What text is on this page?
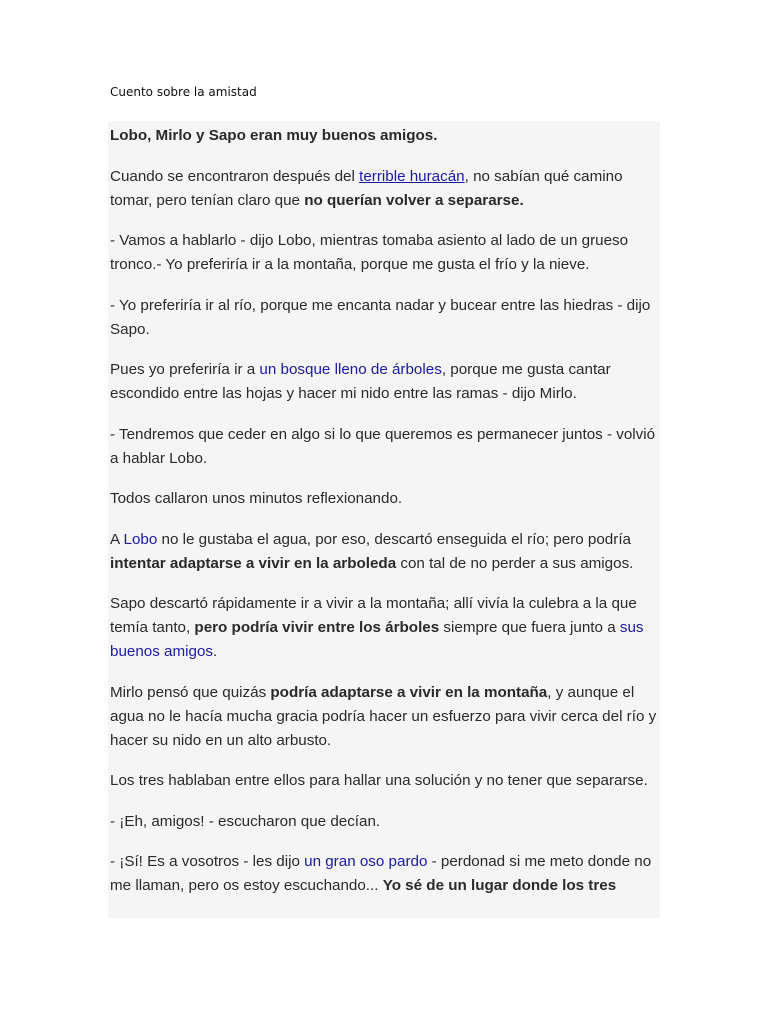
Cuento sobre la amistad

Lobo, Mirlo y Sapo eran muy buenos amigos.

Cuando se encontraron después del terrible huracán, no sabían qué camino tomar, pero tenían claro que no querían volver a separarse.

- Vamos a hablarlo - dijo Lobo, mientras tomaba asiento al lado de un grueso tronco.- Yo preferiría ir a la montaña, porque me gusta el frío y la nieve.

- Yo preferiría ir al río, porque me encanta nadar y bucear entre las hiedras - dijo Sapo.

Pues yo preferiría ir a un bosque lleno de árboles, porque me gusta cantar escondido entre las hojas y hacer mi nido entre las ramas - dijo Mirlo.

- Tendremos que ceder en algo si lo que queremos es permanecer juntos - volvió a hablar Lobo.

Todos callaron unos minutos reflexionando.

A Lobo no le gustaba el agua, por eso, descartó enseguida el río; pero podría intentar adaptarse a vivir en la arboleda con tal de no perder a sus amigos.

Sapo descartó rápidamente ir a vivir a la montaña; allí vivía la culebra a la que temía tanto, pero podría vivir entre los árboles siempre que fuera junto a sus buenos amigos.

Mirlo pensó que quizás podría adaptarse a vivir en la montaña, y aunque el agua no le hacía mucha gracia podría hacer un esfuerzo para vivir cerca del río y hacer su nido en un alto arbusto.

Los tres hablaban entre ellos para hallar una solución y no tener que separarse.

- ¡Eh, amigos! - escucharon que decían.

- ¡Sí! Es a vosotros - les dijo un gran oso pardo - perdonad si me meto donde no me llaman, pero os estoy escuchando... Yo sé de un lugar donde los tres
